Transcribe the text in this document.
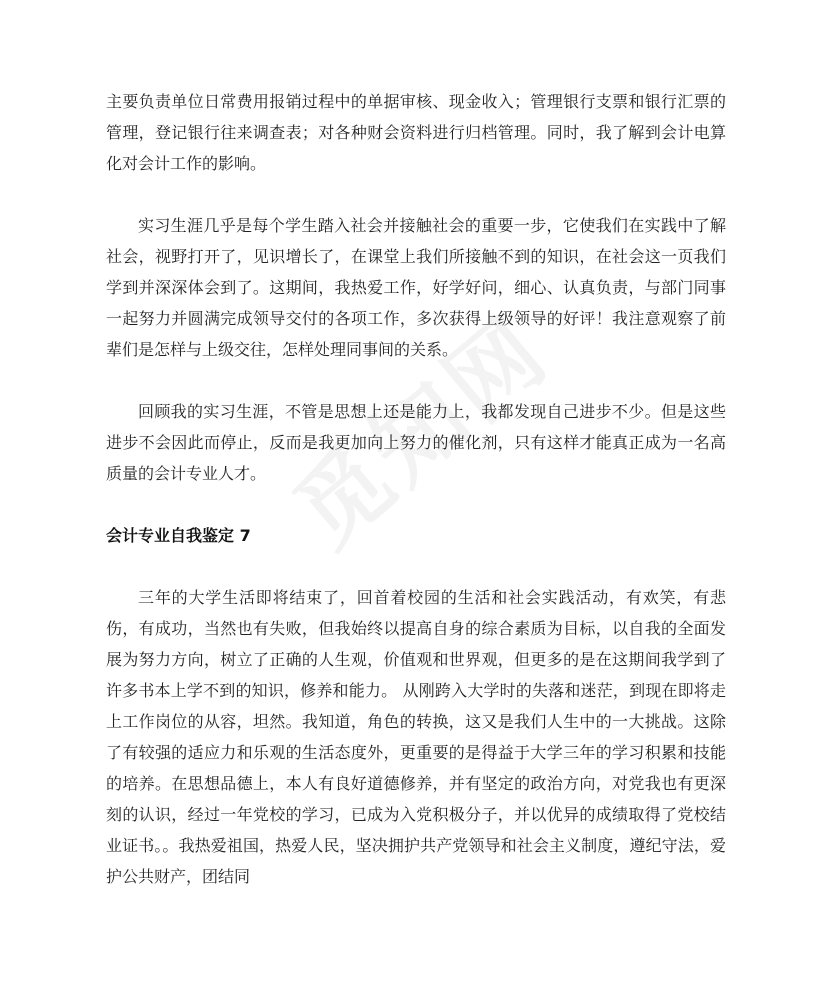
主要负责单位日常费用报销过程中的单据审核、现金收入；管理银行支票和银行汇票的管理，登记银行往来调查表；对各种财会资料进行归档管理。同时，我了解到会计电算化对会计工作的影响。

实习生涯几乎是每个学生踏入社会并接触社会的重要一步，它使我们在实践中了解社会，视野打开了，见识增长了，在课堂上我们所接触不到的知识，在社会这一页我们学到并深深体会到了。这期间，我热爱工作，好学好问，细心、认真负责，与部门同事一起努力并圆满完成领导交付的各项工作，多次获得上级领导的好评！我注意观察了前辈们是怎样与上级交往，怎样处理同事间的关系。

回顾我的实习生涯，不管是思想上还是能力上，我都发现自己进步不少。但是这些进步不会因此而停止，反而是我更加向上努力的催化剂，只有这样才能真正成为一名高质量的会计专业人才。

会计专业自我鉴定 7

三年的大学生活即将结束了，回首着校园的生活和社会实践活动，有欢笑，有悲伤，有成功，当然也有失败，但我始终以提高自身的综合素质为目标，以自我的全面发展为努力方向，树立了正确的人生观，价值观和世界观，但更多的是在这期间我学到了许多书本上学不到的知识，修养和能力。 从刚跨入大学时的失落和迷茫，到现在即将走上工作岗位的从容，坦然。我知道，角色的转换，这又是我们人生中的一大挑战。这除了有较强的适应力和乐观的生活态度外，更重要的是得益于大学三年的学习积累和技能的培养。在思想品德上，本人有良好道德修养，并有坚定的政治方向，对党我也有更深刻的认识，经过一年党校的学习，已成为入党积极分子，并以优异的成绩取得了党校结业证书。。我热爱祖国，热爱人民，坚决拥护共产党领导和社会主义制度，遵纪守法，爱护公共财产，团结同
